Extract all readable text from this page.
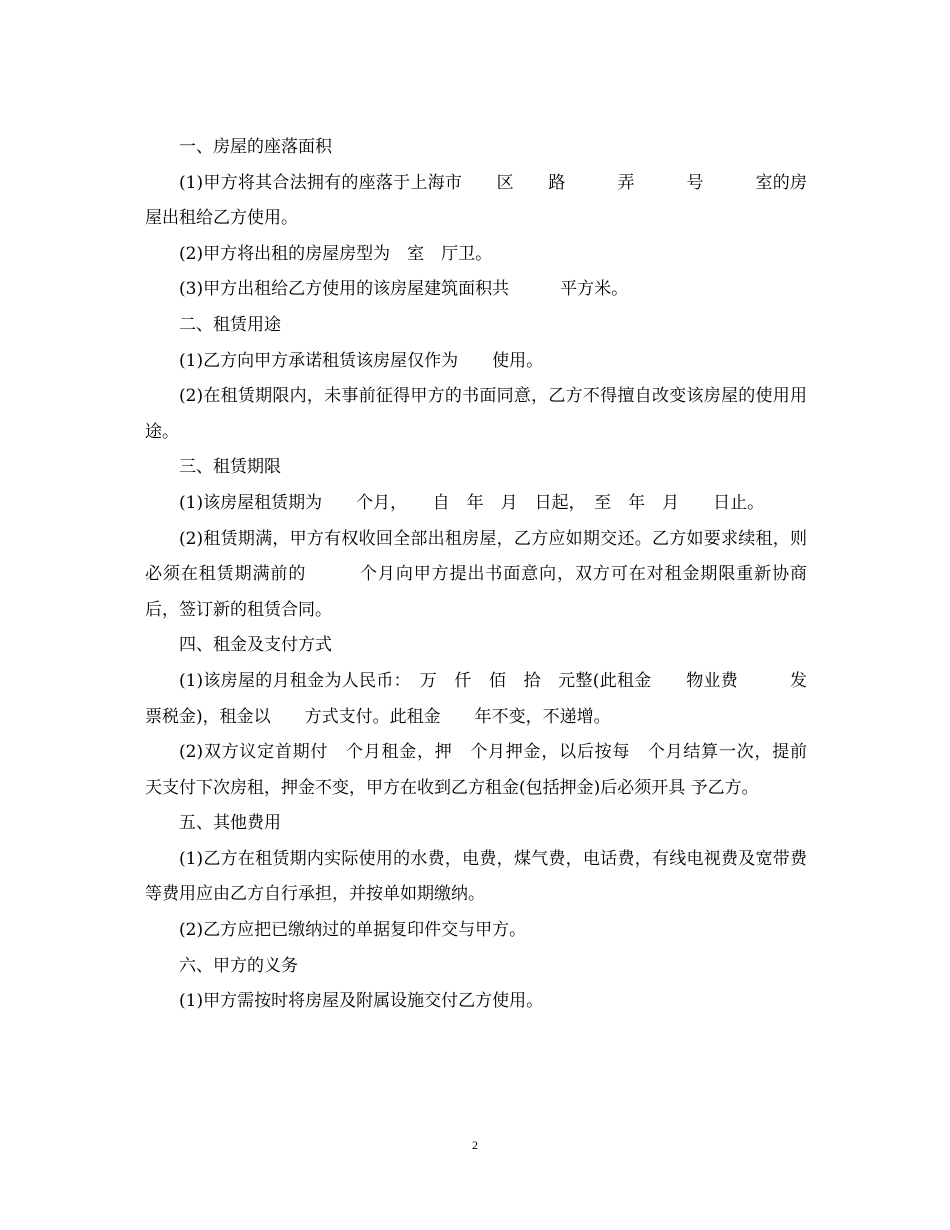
一、房屋的座落面积

(1)甲方将其合法拥有的座落于上海市　　区　　路　　　弄　　　号　　　室的房屋出租给乙方使用。

(2)甲方将出租的房屋房型为　室　厅卫。

(3)甲方出租给乙方使用的该房屋建筑面积共　　　平方米。

二、租赁用途

(1)乙方向甲方承诺租赁该房屋仅作为　　使用。

(2)在租赁期限内，未事前征得甲方的书面同意，乙方不得擅自改变该房屋的使用用途。

三、租赁期限

(1)该房屋租赁期为　　个月，　　自　年　月　日起，　至　年　月　　日止。

(2)租赁期满，甲方有权收回全部出租房屋，乙方应如期交还。乙方如要求续租，则必须在租赁期满前的　　　个月向甲方提出书面意向，双方可在对租金期限重新协商后，签订新的租赁合同。

四、租金及支付方式

(1)该房屋的月租金为人民币：　万　仟　佰　拾　元整(此租金　　物业费　　　发票税金)，租金以　　方式支付。此租金　　年不变，不递增。

(2)双方议定首期付　个月租金，押　个月押金，以后按每　个月结算一次，提前　　天支付下次房租，押金不变，甲方在收到乙方租金(包括押金)后必须开具 予乙方。

五、其他费用

(1)乙方在租赁期内实际使用的水费，电费，煤气费，电话费，有线电视费及宽带费等费用应由乙方自行承担，并按单如期缴纳。

(2)乙方应把已缴纳过的单据复印件交与甲方。

六、甲方的义务

(1)甲方需按时将房屋及附属设施交付乙方使用。

2
